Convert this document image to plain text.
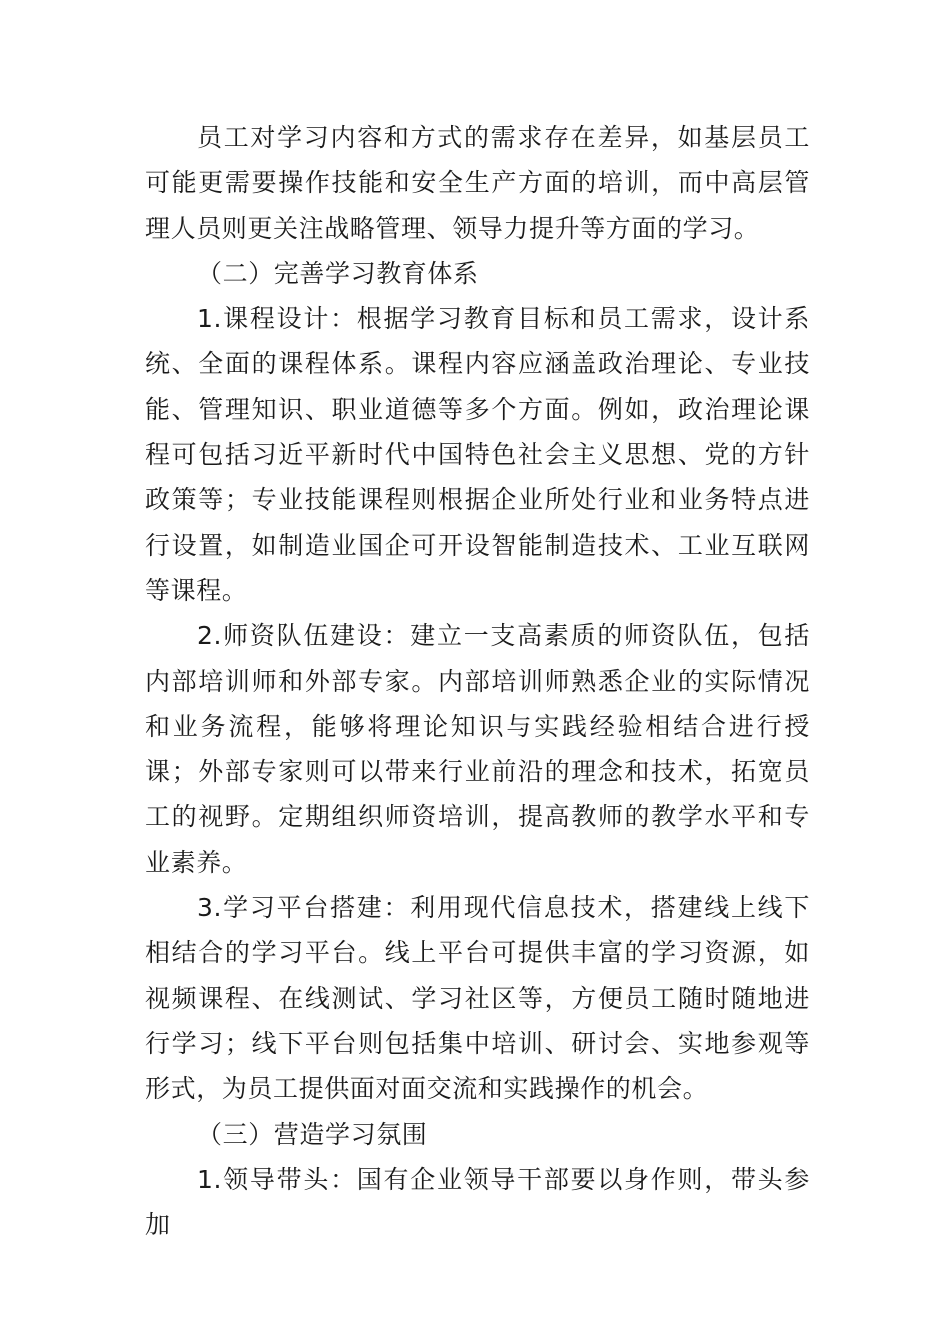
员工对学习内容和方式的需求存在差异，如基层员工可能更需要操作技能和安全生产方面的培训，而中高层管理人员则更关注战略管理、领导力提升等方面的学习。

（二）完善学习教育体系

1.课程设计：根据学习教育目标和员工需求，设计系统、全面的课程体系。课程内容应涵盖政治理论、专业技能、管理知识、职业道德等多个方面。例如，政治理论课程可包括习近平新时代中国特色社会主义思想、党的方针政策等；专业技能课程则根据企业所处行业和业务特点进行设置，如制造业国企可开设智能制造技术、工业互联网等课程。

2.师资队伍建设：建立一支高素质的师资队伍，包括内部培训师和外部专家。内部培训师熟悉企业的实际情况和业务流程，能够将理论知识与实践经验相结合进行授课；外部专家则可以带来行业前沿的理念和技术，拓宽员工的视野。定期组织师资培训，提高教师的教学水平和专业素养。

3.学习平台搭建：利用现代信息技术，搭建线上线下相结合的学习平台。线上平台可提供丰富的学习资源，如视频课程、在线测试、学习社区等，方便员工随时随地进行学习；线下平台则包括集中培训、研讨会、实地参观等形式，为员工提供面对面交流和实践操作的机会。

（三）营造学习氛围

1.领导带头：国有企业领导干部要以身作则，带头参加
